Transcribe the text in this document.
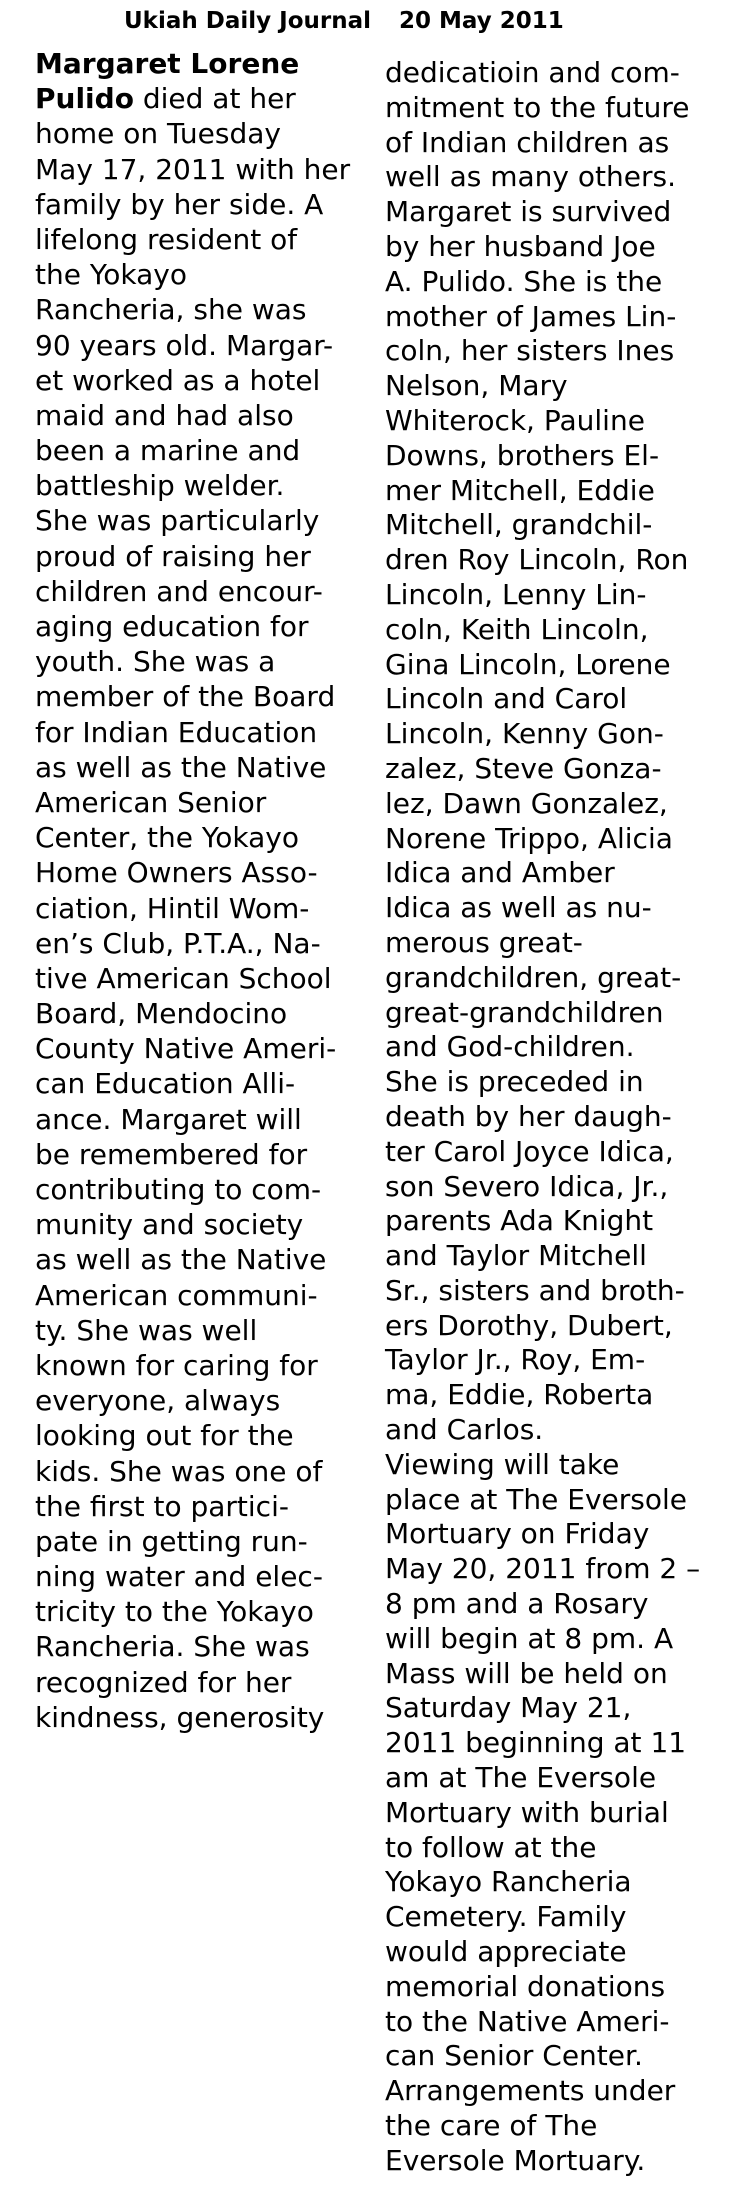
Ukiah Daily Journal 20 May 2011
Margaret Lorene
Pulido died at her
home on Tuesday
May 17, 2011 with her
family by her side. A
lifelong resident of
the Yokayo
Rancheria, she was
90 years old. Margar-
et worked as a hotel
maid and had also
been a marine and
battleship welder.
She was particularly
proud of raising her
children and encour-
aging education for
youth. She was a
member of the Board
for Indian Education
as well as the Native
American Senior
Center, the Yokayo
Home Owners Asso-
ciation, Hintil Wom-
en’s Club, P.T.A., Na-
tive American School
Board, Mendocino
County Native Ameri-
can Education Alli-
ance. Margaret will
be remembered for
contributing to com-
munity and society
as well as the Native
American communi-
ty. She was well
known for caring for
everyone, always
looking out for the
kids. She was one of
the first to partici-
pate in getting run-
ning water and elec-
tricity to the Yokayo
Rancheria. She was
recognized for her
kindness, generosity
dedicatioin and com-
mitment to the future
of Indian children as
well as many others.
Margaret is survived
by her husband Joe
A. Pulido. She is the
mother of James Lin-
coln, her sisters Ines
Nelson, Mary
Whiterock, Pauline
Downs, brothers El-
mer Mitchell, Eddie
Mitchell, grandchil-
dren Roy Lincoln, Ron
Lincoln, Lenny Lin-
coln, Keith Lincoln,
Gina Lincoln, Lorene
Lincoln and Carol
Lincoln, Kenny Gon-
zalez, Steve Gonza-
lez, Dawn Gonzalez,
Norene Trippo, Alicia
Idica and Amber
Idica as well as nu-
merous great-
grandchildren, great-
great-grandchildren
and God-children.
She is preceded in
death by her daugh-
ter Carol Joyce Idica,
son Severo Idica, Jr.,
parents Ada Knight
and Taylor Mitchell
Sr., sisters and broth-
ers Dorothy, Dubert,
Taylor Jr., Roy, Em-
ma, Eddie, Roberta
and Carlos.
Viewing will take
place at The Eversole
Mortuary on Friday
May 20, 2011 from 2 –
8 pm and a Rosary
will begin at 8 pm. A
Mass will be held on
Saturday May 21,
2011 beginning at 11
am at The Eversole
Mortuary with burial
to follow at the
Yokayo Rancheria
Cemetery. Family
would appreciate
memorial donations
to the Native Ameri-
can Senior Center.
Arrangements under
the care of The
Eversole Mortuary.
